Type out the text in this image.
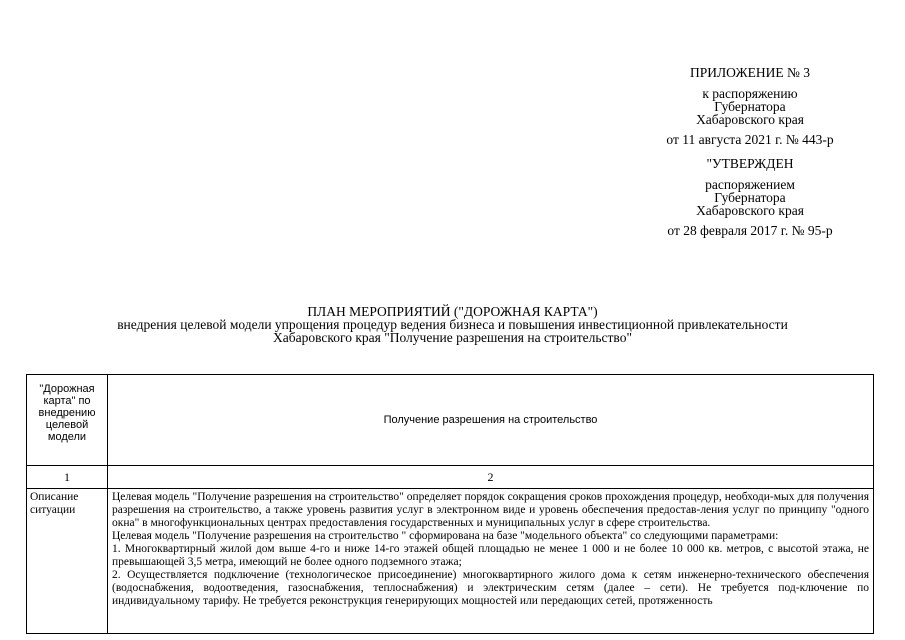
ПРИЛОЖЕНИЕ № 3
к распоряжению
Губернатора
Хабаровского края
от 11 августа 2021 г. № 443-р
"УТВЕРЖДЕН
распоряжением
Губернатора
Хабаровского края
от 28 февраля 2017 г. № 95-р
ПЛАН МЕРОПРИЯТИЙ ("ДОРОЖНАЯ КАРТА")
внедрения целевой модели упрощения процедур ведения бизнеса и повышения инвестиционной привлекательности
Хабаровского края "Получение разрешения на строительство"
"Дорожная карта" по внедрению целевой модели	Получение разрешения на строительство
1	2
Описание ситуации	Целевая модель "Получение разрешения на строительство" определяет порядок сокращения сроков прохождения процедур, необходи-мых для получения разрешения на строительство, а также уровень развития услуг в электронном виде и уровень обеспечения предостав-ления услуг по принципу "одного окна" в многофункциональных центрах предоставления государственных и муниципальных услуг в сфере строительства.

Целевая модель "Получение разрешения на строительство " сформирована на базе "модельного объекта" со следующими параметрами:

1. Многоквартирный жилой дом выше 4-го и ниже 14-го этажей общей площадью не менее 1 000 и не более 10 000 кв. метров, с высотой этажа, не превышающей 3,5 метра, имеющий не более одного подземного этажа;

2. Осуществляется подключение (технологическое присоединение) многоквартирного жилого дома к сетям инженерно-технического обеспечения (водоснабжения, водоотведения, газоснабжения, теплоснабжения) и электрическим сетям (далее – сети). Не требуется под-ключение по индивидуальному тарифу. Не требуется реконструкция генерирующих мощностей или передающих сетей, протяженность
